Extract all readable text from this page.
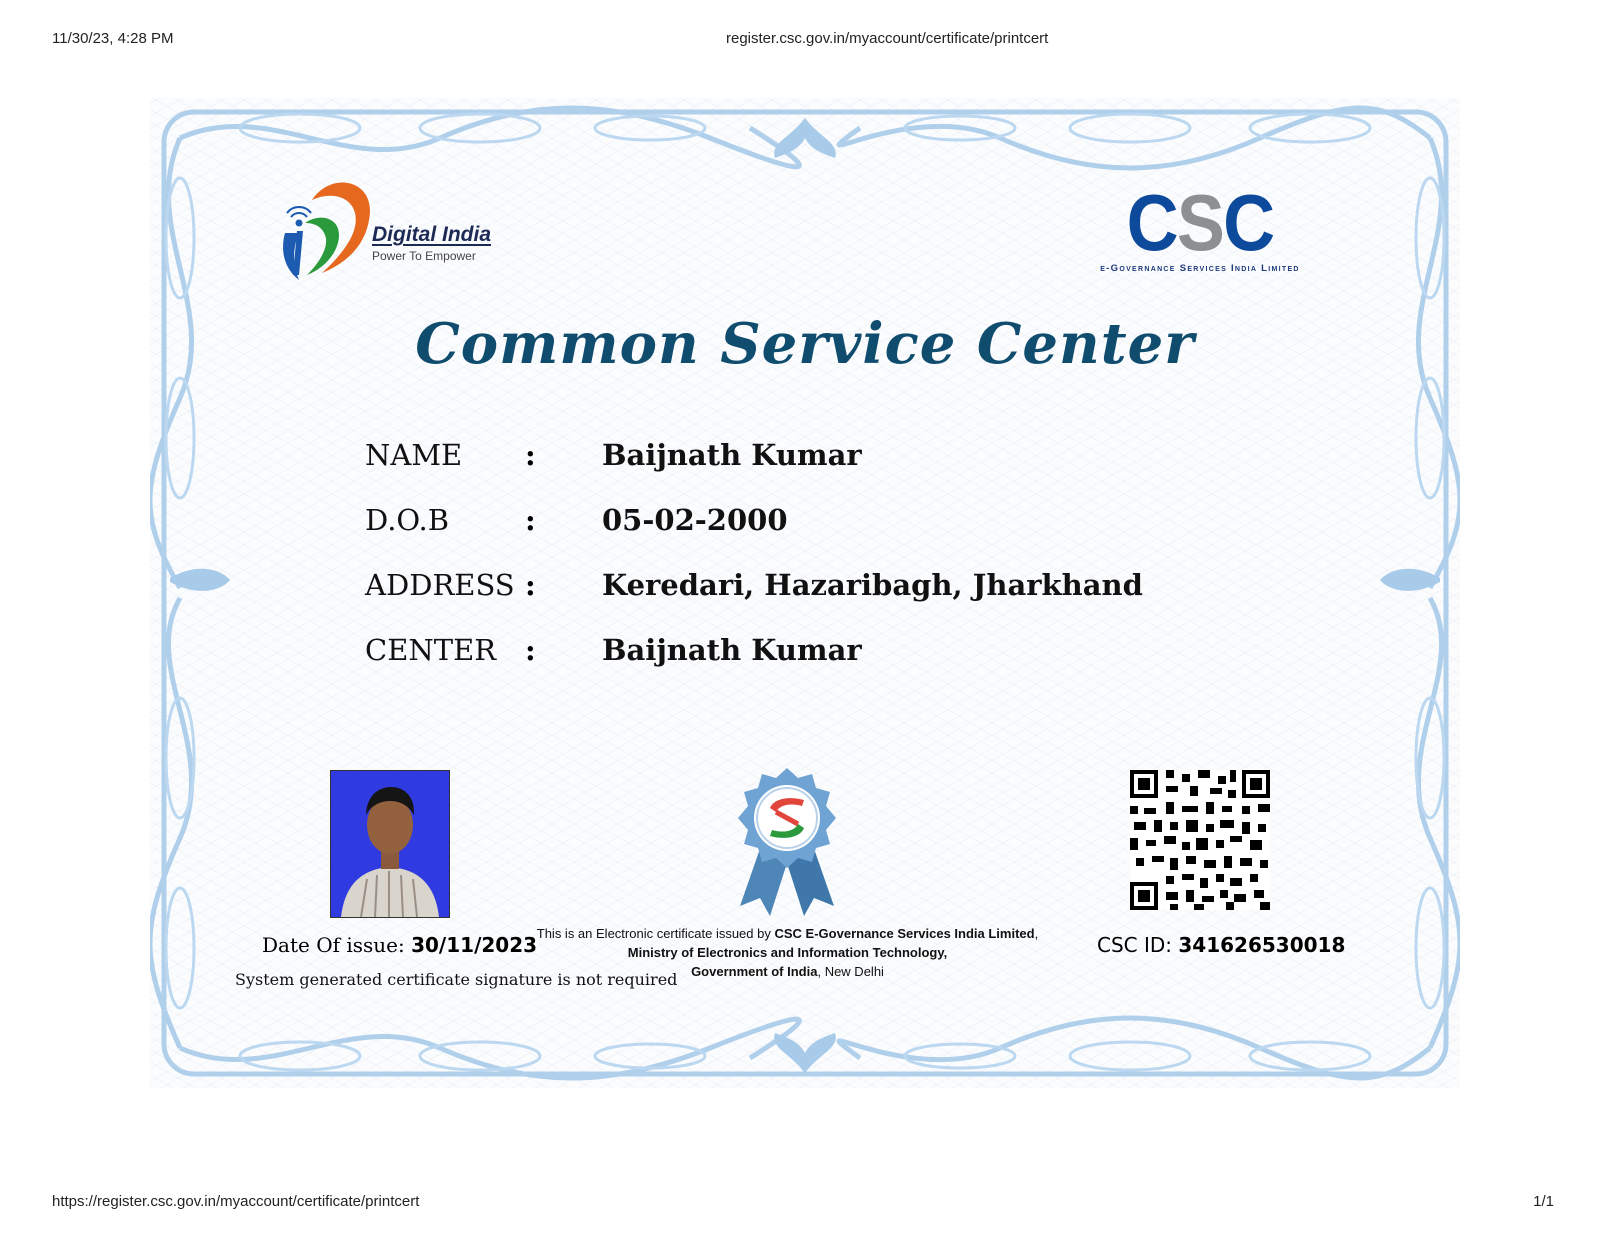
11/30/23, 4:28 PM	register.csc.gov.in/myaccount/certificate/printcert
Digital India
Power To Empower	CSC
e-Governance Services India Limited
Common Service Center
NAME	: Baijnath Kumar
D.O.B	: 05-02-2000
ADDRESS : Keredari, Hazaribagh, Jharkhand
CENTER : Baijnath Kumar
Date Of issue: 30/11/2023
System generated certificate signature is not required
This is an Electronic certificate issued by CSC E-Governance Services India Limited,
Ministry of Electronics and Information Technology,
Government of India, New Delhi
CSC ID: 341626530018
https://register.csc.gov.in/myaccount/certificate/printcert	1/1
